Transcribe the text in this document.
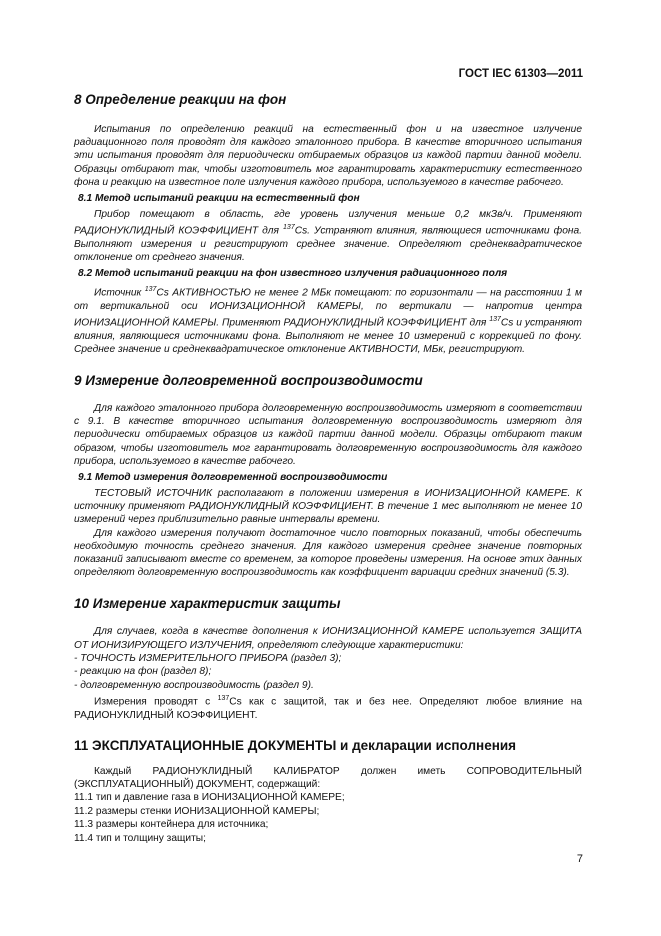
ГОСТ IEC 61303—2011

8 Определение реакции на фон

Испытания по определению реакций на естественный фон и на известное излучение радиационного поля проводят для каждого эталонного прибора. В качестве вторичного испытания эти испытания проводят для периодически отбираемых образцов из каждой партии данной модели. Образцы отбирают так, чтобы изготовитель мог гарантировать характеристику естественного фона и реакцию на известное поле излучения каждого прибора, используемого в качестве рабочего.

8.1 Метод испытаний реакции на естественный фон

Прибор помещают в область, где уровень излучения меньше 0,2 мкЗв/ч. Применяют РАДИОНУКЛИДНЫЙ КОЭФФИЦИЕНТ для $^{137}$Cs. Устраняют влияния, являющиеся источниками фона. Выполняют измерения и регистрируют среднее значение. Определяют среднеквадратическое отклонение от среднего значения.

8.2 Метод испытаний реакции на фон известного излучения радиационного поля

Источник $^{137}$Cs АКТИВНОСТЬЮ не менее 2 МБк помещают: по горизонтали — на расстоянии 1 м от вертикальной оси ИОНИЗАЦИОННОЙ КАМЕРЫ, по вертикали — напротив центра ИОНИЗАЦИОННОЙ КАМЕРЫ. Применяют РАДИОНУКЛИДНЫЙ КОЭФФИЦИЕНТ для $^{137}$Cs и устраняют влияния, являющиеся источниками фона. Выполняют не менее 10 измерений с коррекцией по фону. Среднее значение и среднеквадратическое отклонение АКТИВНОСТИ, МБк, регистрируют.

9 Измерение долговременной воспроизводимости

Для каждого эталонного прибора долговременную воспроизводимость измеряют в соответствии с 9.1. В качестве вторичного испытания долговременную воспроизводимость измеряют для периодически отбираемых образцов из каждой партии данной модели. Образцы отбирают таким образом, чтобы изготовитель мог гарантировать долговременную воспроизводимость для каждого прибора, используемого в качестве рабочего.

9.1 Метод измерения долговременной воспроизводимости

ТЕСТОВЫЙ ИСТОЧНИК располагают в положении измерения в ИОНИЗАЦИОННОЙ КАМЕРЕ. К источнику применяют РАДИОНУКЛИДНЫЙ КОЭФФИЦИЕНТ. В течение 1 мес выполняют не менее 10 измерений через приблизительно равные интервалы времени.

Для каждого измерения получают достаточное число повторных показаний, чтобы обеспечить необходимую точность среднего значения. Для каждого измерения среднее значение повторных показаний записывают вместе со временем, за которое проведены измерения. На основе этих данных определяют долговременную воспроизводимость как коэффициент вариации средних значений (5.3).

10 Измерение характеристик защиты

Для случаев, когда в качестве дополнения к ИОНИЗАЦИОННОЙ КАМЕРЕ используется ЗАЩИТА ОТ ИОНИЗИРУЮЩЕГО ИЗЛУЧЕНИЯ, определяют следующие характеристики:

- ТОЧНОСТЬ ИЗМЕРИТЕЛЬНОГО ПРИБОРА (раздел 3);

- реакцию на фон (раздел 8);

- долговременную воспроизводимость (раздел 9).

Измерения проводят с $^{137}$Cs как с защитой, так и без нее. Определяют любое влияние на РАДИОНУКЛИДНЫЙ КОЭФФИЦИЕНТ.

11 ЭКСПЛУАТАЦИОННЫЕ ДОКУМЕНТЫ и декларации исполнения

Каждый РАДИОНУКЛИДНЫЙ КАЛИБРАТОР должен иметь СОПРОВОДИТЕЛЬНЫЙ (ЭКСПЛУАТАЦИОННЫЙ) ДОКУМЕНТ, содержащий:

11.1 тип и давление газа в ИОНИЗАЦИОННОЙ КАМЕРЕ;

11.2 размеры стенки ИОНИЗАЦИОННОЙ КАМЕРЫ;

11.3 размеры контейнера для источника;

11.4 тип и толщину защиты;

7
